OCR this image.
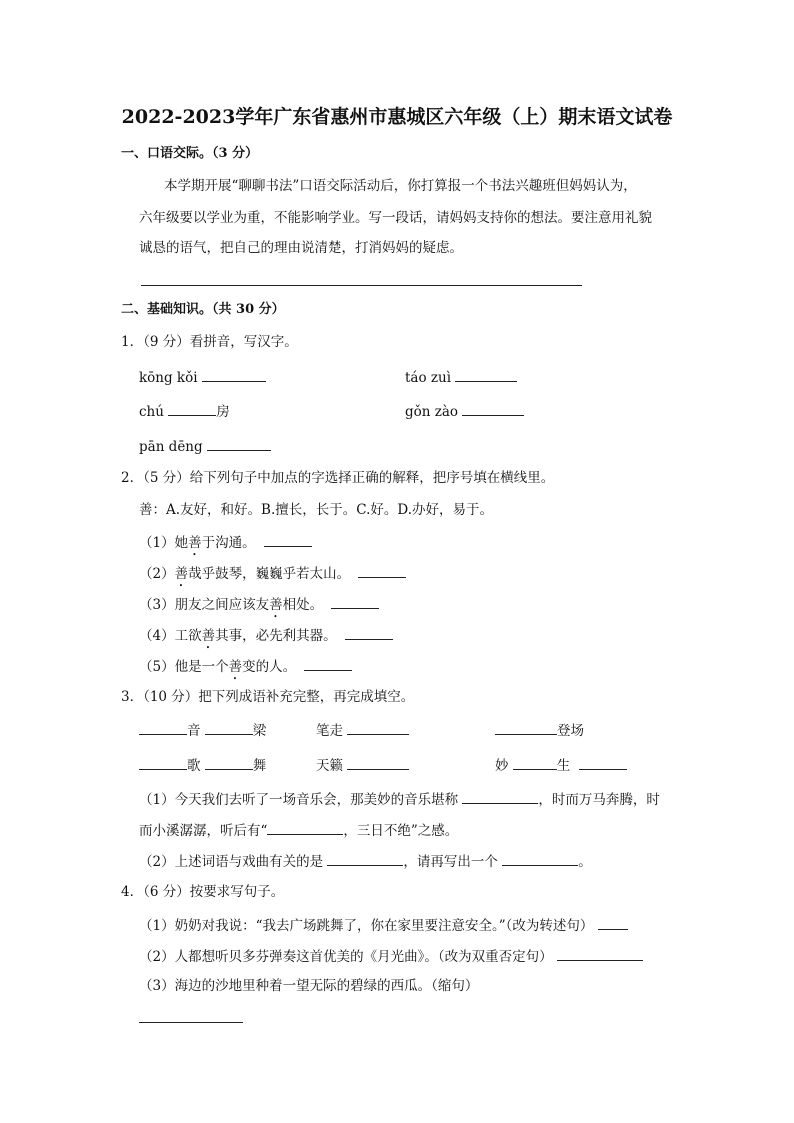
2022-2023学年广东省惠州市惠城区六年级（上）期末语文试卷
一、口语交际。（3 分）
本学期开展“聊聊书法”口语交际活动后，你打算报一个书法兴趣班但妈妈认为，
六年级要以学业为重，不能影响学业。写一段话，请妈妈支持你的想法。要注意用礼貌
诚恳的语气，把自己的理由说清楚，打消妈妈的疑虑。
二、基础知识。（共 30 分）
1．（9 分）看拼音，写汉字。
kōng kǒi	táo zuì
chú	房	gǒn zào
pān dēng
2．（5 分）给下列句子中加点的字选择正确的解释，把序号填在横线里。
善：A.友好，和好。B.擅长，长于。C.好。D.办好，易于。
（1）她善于沟通。
（2）善哉乎鼓琴，巍巍乎若太山。
（3）朋友之间应该友善相处。
（4）工欲善其事，必先利其器。
（5）他是一个善变的人。
3．（10 分）把下列成语补充完整，再完成填空。
音	梁	笔走	登场
歌	舞	天籁	妙	生
（1）今天我们去听了一场音乐会，那美妙的音乐堪称	，时而万马奔腾，时
而小溪潺潺，听后有“	，三日不绝”之感。
（2）上述词语与戏曲有关的是	，请再写出一个	。
4．（6 分）按要求写句子。
（1）奶奶对我说：“我去广场跳舞了，你在家里要注意安全。”（改为转述句）
（2）人都想听贝多芬弹奏这首优美的《月光曲》。（改为双重否定句）
（3）海边的沙地里种着一望无际的碧绿的西瓜。（缩句）
